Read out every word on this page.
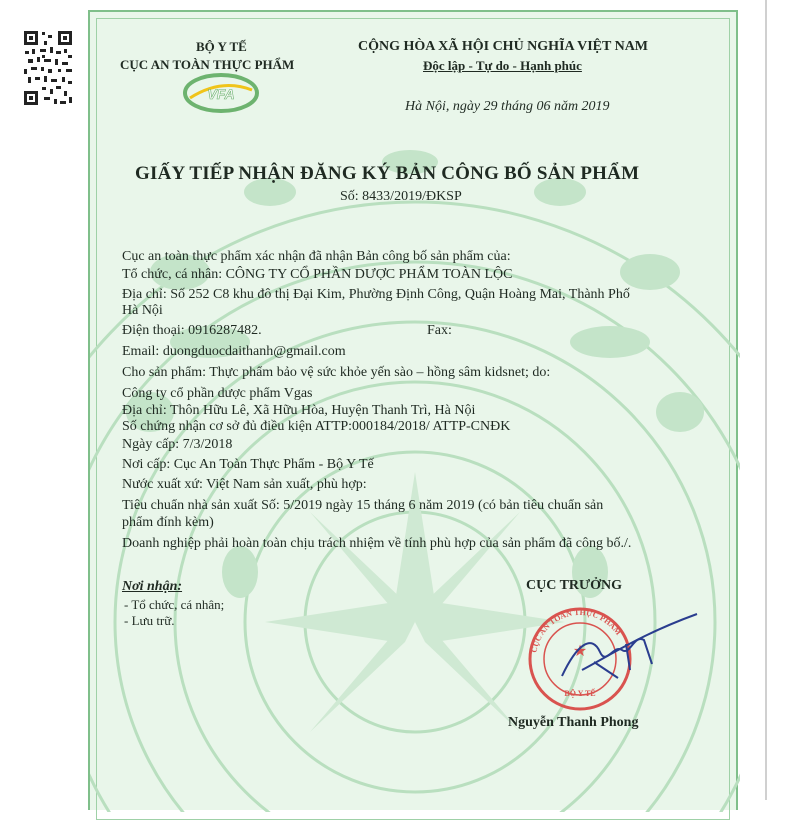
BỘ Y TẾ
CỤC AN TOÀN THỰC PHẨM
VFA
CỘNG HÒA XÃ HỘI CHỦ NGHĨA VIỆT NAM
Độc lập - Tự do - Hạnh phúc
Hà Nội, ngày 29 tháng 06 năm 2019
GIẤY TIẾP NHẬN ĐĂNG KÝ BẢN CÔNG BỐ SẢN PHẨM
Số: 8433/2019/ĐKSP
Cục an toàn thực phẩm xác nhận đã nhận Bản công bố sản phẩm của:
Tổ chức, cá nhân: CÔNG TY CỔ PHẦN DƯỢC PHẨM TOÀN LỘC
Địa chỉ: Số 252 C8 khu đô thị Đại Kim, Phường Định Công, Quận Hoàng Mai, Thành Phố
Hà Nội
Điện thoại: 0916287482.	Fax:
Email: duongduocdaithanh@gmail.com
Cho sản phẩm: Thực phẩm bảo vệ sức khỏe yến sào – hồng sâm kidsnet; do:
Công ty cổ phần dược phẩm Vgas
Địa chỉ: Thôn Hữu Lê, Xã Hữu Hòa, Huyện Thanh Trì, Hà Nội
Số chứng nhận cơ sở đủ điều kiện ATTP:000184/2018/ ATTP-CNĐK
Ngày cấp: 7/3/2018
Nơi cấp: Cục An Toàn Thực Phẩm - Bộ Y Tế
Nước xuất xứ: Việt Nam sản xuất, phù hợp:
Tiêu chuẩn nhà sản xuất Số: 5/2019 ngày 15 tháng 6 năm 2019 (có bản tiêu chuẩn sản
phẩm đính kèm)
Doanh nghiệp phải hoàn toàn chịu trách nhiệm về tính phù hợp của sản phẩm đã công bố./.
Nơi nhận:
- Tổ chức, cá nhân;
- Lưu trữ.
CỤC TRƯỞNG
CỤC AN TOÀN THỰC PHẨM
BỘ Y TẾ
★
Nguyễn Thanh Phong
